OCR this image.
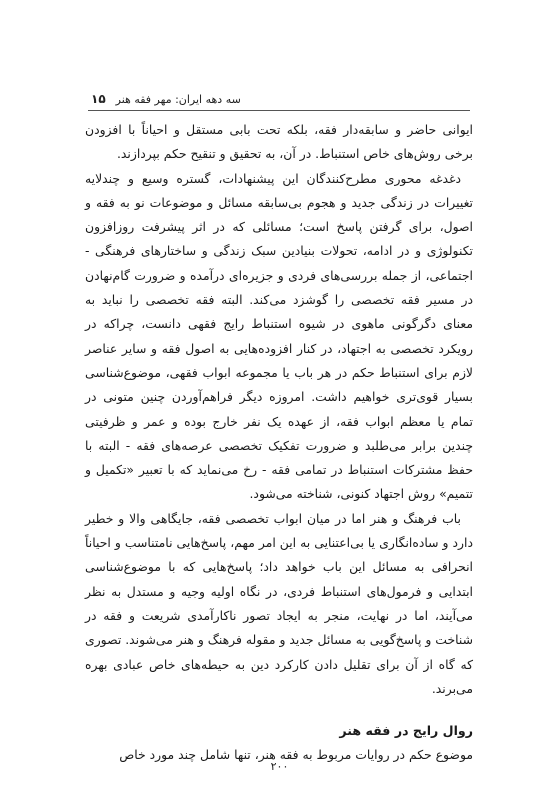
۱۵ سه دهه ایران: مهر فقه هنر

ایوانی حاضر و سابقه‌دار فقه، بلکه تحت بابی مستقل و احیاناً با افزودن برخی روش‌های خاص استنباط. در آن، به تحقیق و تنقیح حکم بپردازند.

دغدغه محوری مطرح‌کنندگان این پیشنهادات، گستره وسیع و چندلایه تغییرات در زندگی جدید و هجوم بی‌سابقه مسائل و موضوعات نو به فقه و اصول، برای گرفتن پاسخ است؛ مسائلی که در اثر پیشرفت روزافزون تکنولوژی و در ادامه، تحولات بنیادین سبک زندگی و ساختارهای فرهنگی - اجتماعی، از جمله بررسی‌های فردی و جزیره‌ای درآمده و ضرورت گام‌نهادن در مسیر فقه تخصصی را گوشزد می‌کند. البته فقه تخصصی را نباید به معنای دگرگونی ماهوی در شیوه استنباط رایج فقهی دانست، چراکه در رویکرد تخصصی به اجتهاد، در کنار افزوده‌هایی به اصول فقه و سایر عناصر لازم برای استنباط حکم در هر باب یا مجموعه ابواب فقهی، موضوع‌شناسی بسیار قوی‌تری خواهیم داشت. امروزه دیگر فراهم‌آوردن چنین متونی در تمام یا معظم ابواب فقه، از عهده یک نفر خارج بوده و عمر و ظرفیتی چندین برابر می‌طلبد و ضرورت تفکیک تخصصی عرصه‌های فقه - البته با حفظ مشترکات استنباط در تمامی فقه - رخ می‌نماید که با تعبیر «تکمیل و تتمیم» روش اجتهاد کنونی، شناخته می‌شود.

باب فرهنگ و هنر اما در میان ابواب تخصصی فقه، جایگاهی والا و خطیر دارد و ساده‌انگاری یا بی‌اعتنایی به این امر مهم، پاسخ‌هایی نامتناسب و احیاناً انحرافی به مسائل این باب خواهد داد؛ پاسخ‌هایی که با موضوع‌شناسی ابتدایی و فرمول‌های استنباط فردی، در نگاه اولیه وجیه و مستدل به نظر می‌آیند، اما در نهایت، منجر به ایجاد تصور ناکارآمدی شریعت و فقه در شناخت و پاسخ‌گویی به مسائل جدید و مقوله فرهنگ و هنر می‌شوند. تصوری که گاه از آن برای تقلیل دادن کارکرد دین به حیطه‌های خاص عبادی بهره می‌برند.

روال رایج در فقه هنر

موضوع حکم در روایات مربوط به فقه هنر، تنها شامل چند مورد خاص

۲۰۰
